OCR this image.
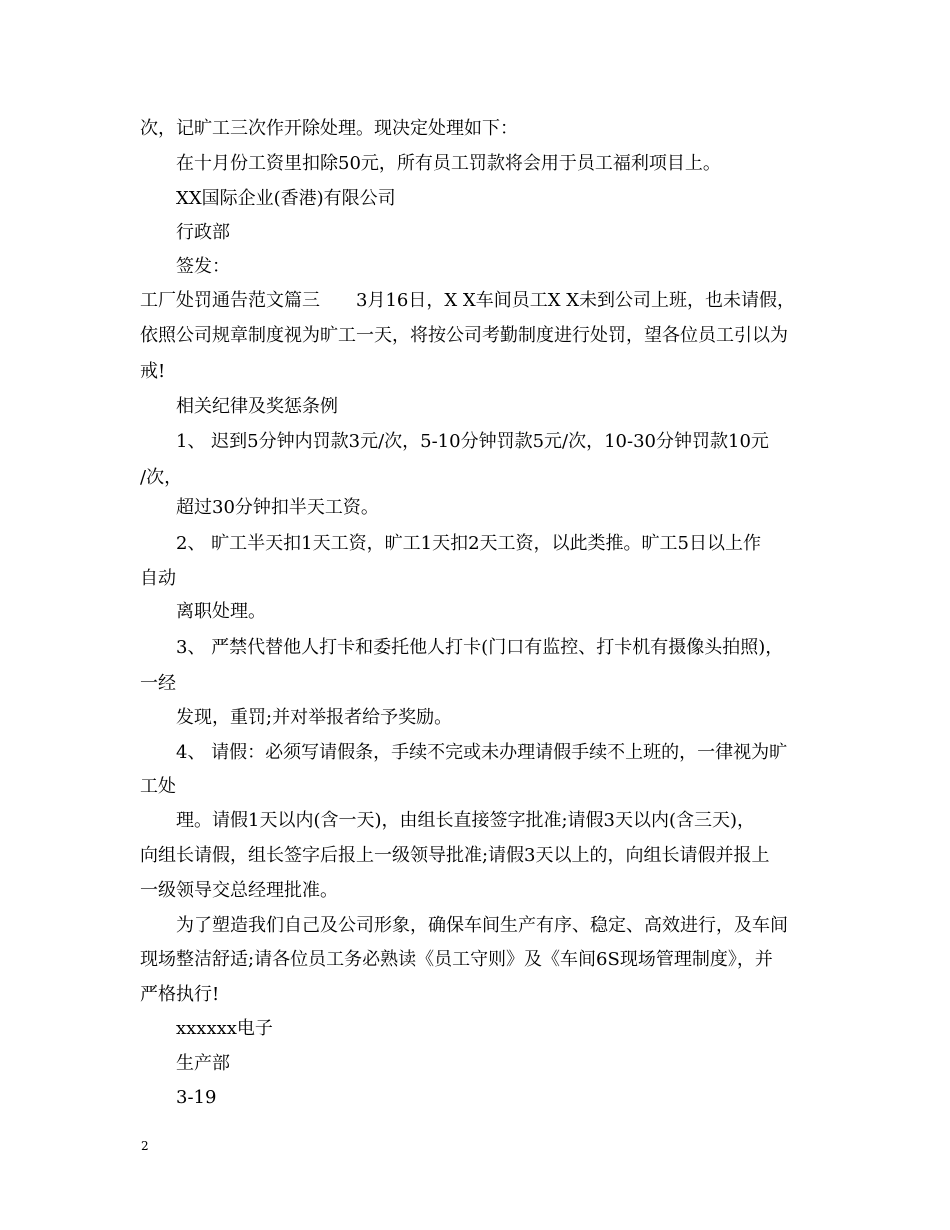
次，记旷工三次作开除处理。现决定处理如下：
在十月份工资里扣除50元，所有员工罚款将会用于员工福利项目上。
XX国际企业(香港)有限公司
行政部
签发：
工厂处罚通告范文篇三　　3月16日，X X车间员工X X未到公司上班，也未请假，
依照公司规章制度视为旷工一天，将按公司考勤制度进行处罚，望各位员工引以为
戒!
相关纪律及奖惩条例
1、 迟到5分钟内罚款3元/次，5-10分钟罚款5元/次，10-30分钟罚款10元
/次，
超过30分钟扣半天工资。
2、 旷工半天扣1天工资，旷工1天扣2天工资，以此类推。旷工5日以上作
自动
离职处理。
3、 严禁代替他人打卡和委托他人打卡(门口有监控、打卡机有摄像头拍照)，
一经
发现，重罚;并对举报者给予奖励。
4、 请假：必须写请假条，手续不完或未办理请假手续不上班的，一律视为旷
工处
理。请假1天以内(含一天)，由组长直接签字批准;请假3天以内(含三天)，
向组长请假，组长签字后报上一级领导批准;请假3天以上的，向组长请假并报上
一级领导交总经理批准。
为了塑造我们自己及公司形象，确保车间生产有序、稳定、高效进行，及车间
现场整洁舒适;请各位员工务必熟读《员工守则》及《车间6S现场管理制度》，并
严格执行!
xxxxxx电子
生产部
3-19
2
